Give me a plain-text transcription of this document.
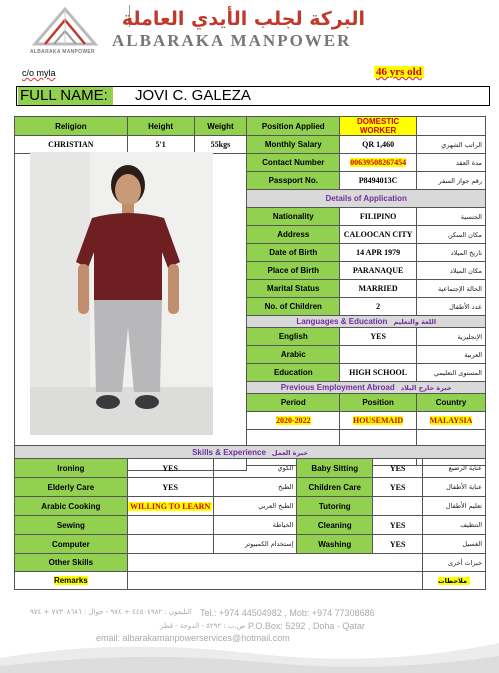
ALBARAKA MANPOWER
البركة لجلب الأيدي العاملة
ALBARAKA MANPOWER
c/o myla	46 yrs old
FULL NAME:	JOVI C. GALEZA
Religion	Height	Weight	Position Applied	DOMESTIC WORKER	
CHRISTIAN	5'1	55kgs	Monthly Salary	QR 1,460	الراتب الشهري
			Contact Number	00639508267454	مدة العقد
			Passport No.	P8494013C	رقم جواز السفر
			Details of Application		
			Nationality	FILIPINO	الجنسية
			Address	CALOOCAN CITY	مكان السكن
			Date of Birth	14 APR 1979	تاريخ الميلاد
			Place of Birth	PARANAQUE	مكان الميلاد
			Marital Status	MARRIED	الحالة الإجتماعية
			No. of Children	2	عدد الأطفال
			Languages & Education اللغة والتعليم		
			English	YES	الإنجليزية
			Arabic		العربية
			Education	HIGH SCHOOL	المستوى التعليمي
			Previous Employment Abroad خبرة خارج البلاد		
			Period	Position	Country
			2020-2022	HOUSEMAID	MALAYSIA

Skills & Experience خبرة العمل					
Ironing	YES	الكوي	Baby Sitting	YES	عناية الرضيع
Elderly Care	YES	الطبخ	Children Care	YES	عناية الأطفال
Arabic Cooking	WILLING TO LEARN	الطبخ العربي	Tutoring		تعليم الأطفال
Sewing		الخياطة	Cleaning	YES	التنظيف
Computer		إستخدام الكمبيوتر	Washing	YES	الغسيل
Other Skills					خبرات أخرى
Remarks					ملاحظات
التليفون : ٤٤٥٠٤٩٨٢ + ٩٧٤ - جوال : ٧٧٣٠٨٦٨٦ + ٩٧٤ Tel.: +974 44504982 , Mob: +974 77308686
ص.ب : ٥٢٩٢ - الدوحة - قطر P.O.Box: 5292 , Doha - Qatar
email: albarakamanpowerservices@hotmail.com
